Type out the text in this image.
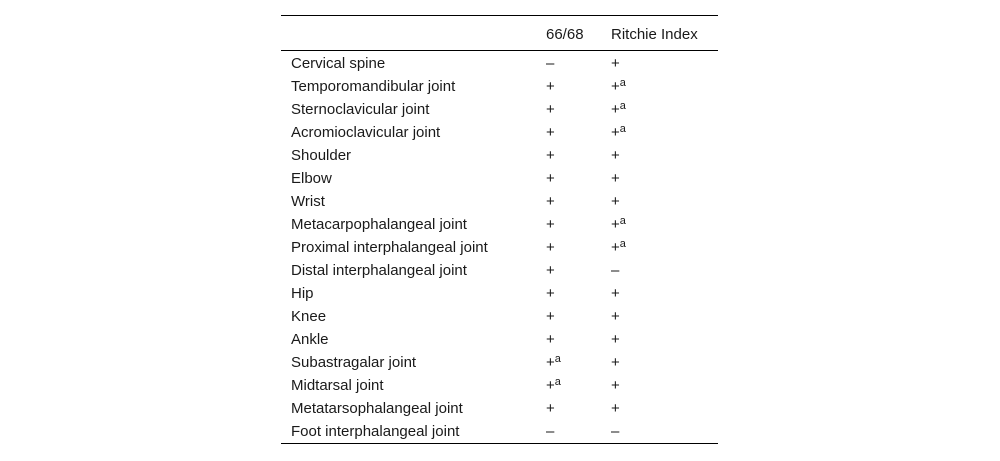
	66/68	Ritchie Index
Cervical spine	–	+
Temporomandibular joint	+	+$^a$
Sternoclavicular joint	+	+$^a$
Acromioclavicular joint	+	+$^a$
Shoulder	+	+
Elbow	+	+
Wrist	+	+
Metacarpophalangeal joint	+	+$^a$
Proximal interphalangeal joint	+	+$^a$
Distal interphalangeal joint	+	–
Hip	+	+
Knee	+	+
Ankle	+	+
Subastragalar joint	+$^a$	+
Midtarsal joint	+$^a$	+
Metatarsophalangeal joint	+	+
Foot interphalangeal joint	–	–
